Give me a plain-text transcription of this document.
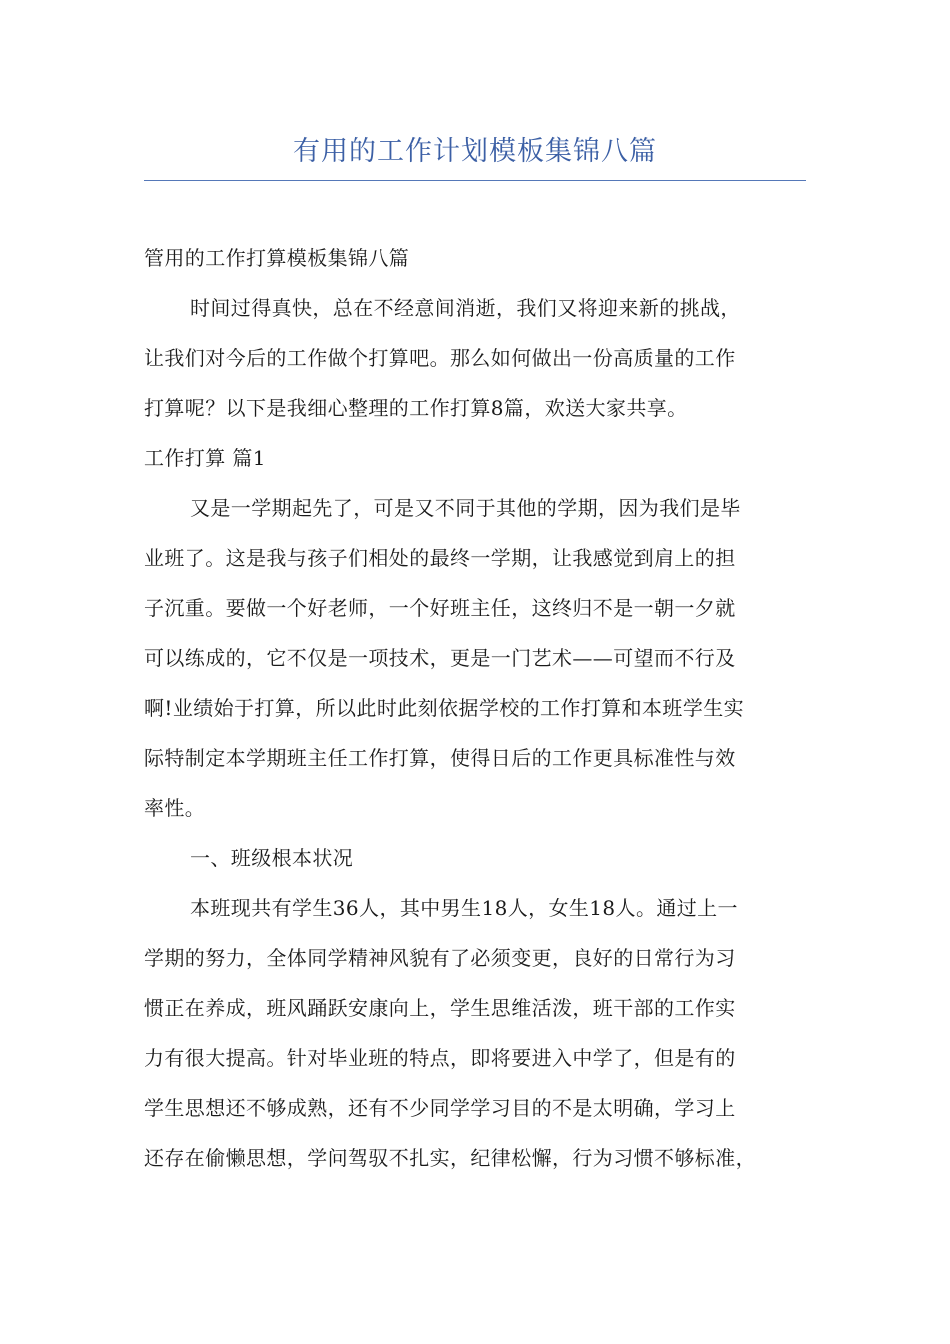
有用的工作计划模板集锦八篇
管用的工作打算模板集锦八篇
时间过得真快，总在不经意间消逝，我们又将迎来新的挑战，
让我们对今后的工作做个打算吧。那么如何做出一份高质量的工作
打算呢？以下是我细心整理的工作打算8篇，欢送大家共享。
工作打算 篇1
又是一学期起先了，可是又不同于其他的学期，因为我们是毕
业班了。这是我与孩子们相处的最终一学期，让我感觉到肩上的担
子沉重。要做一个好老师，一个好班主任，这终归不是一朝一夕就
可以练成的，它不仅是一项技术，更是一门艺术——可望而不行及
啊!业绩始于打算，所以此时此刻依据学校的工作打算和本班学生实
际特制定本学期班主任工作打算，使得日后的工作更具标准性与效
率性。
一、班级根本状况
本班现共有学生36人，其中男生18人，女生18人。通过上一
学期的努力，全体同学精神风貌有了必须变更，良好的日常行为习
惯正在养成，班风踊跃安康向上，学生思维活泼，班干部的工作实
力有很大提高。针对毕业班的特点，即将要进入中学了，但是有的
学生思想还不够成熟，还有不少同学学习目的不是太明确，学习上
还存在偷懒思想，学问驾驭不扎实，纪律松懈，行为习惯不够标准，
